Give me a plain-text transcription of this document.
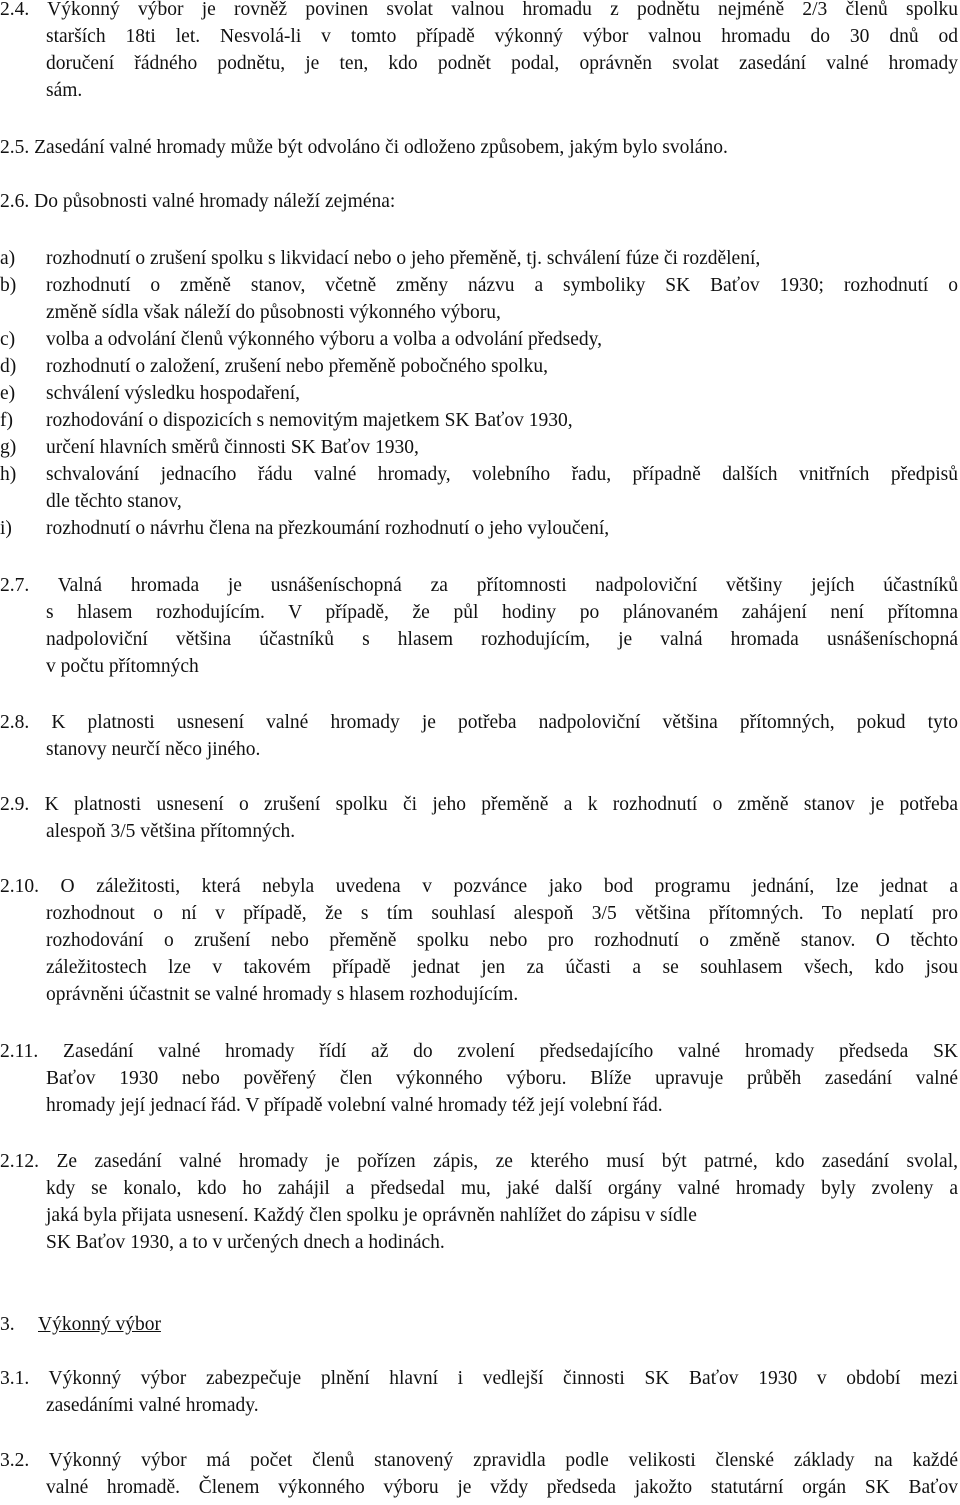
2.4. Výkonný výbor je rovněž povinen svolat valnou hromadu z podnětu nejméně 2/3 členů spolku
starších 18ti let. Nesvolá-li v tomto případě výkonný výbor valnou hromadu do 30 dnů od
doručení řádného podnětu, je ten, kdo podnět podal, oprávněn svolat zasedání valné hromady
sám.
2.5. Zasedání valné hromady může být odvoláno či odloženo způsobem, jakým bylo svoláno.
2.6. Do působnosti valné hromady náleží zejména:
a) rozhodnutí o zrušení spolku s likvidací nebo o jeho přeměně, tj. schválení fúze či rozdělení,
b) rozhodnutí o změně stanov, včetně změny názvu a symboliky SK Baťov 1930; rozhodnutí o
změně sídla však náleží do působnosti výkonného výboru,
c) volba a odvolání členů výkonného výboru a volba a odvolání předsedy,
d) rozhodnutí o založení, zrušení nebo přeměně pobočného spolku,
e) schválení výsledku hospodaření,
f) rozhodování o dispozicích s nemovitým majetkem SK Baťov 1930,
g) určení hlavních směrů činnosti SK Baťov 1930,
h) schvalování jednacího řádu valné hromady, volebního řadu, případně dalších vnitřních předpisů
dle těchto stanov,
i) rozhodnutí o návrhu člena na přezkoumání rozhodnutí o jeho vyloučení,
2.7. Valná hromada je usnášeníschopná za přítomnosti nadpoloviční většiny jejích účastníků
s hlasem rozhodujícím. V případě, že půl hodiny po plánovaném zahájení není přítomna
nadpoloviční většina účastníků s hlasem rozhodujícím, je valná hromada usnášeníschopná
v počtu přítomných
2.8. K platnosti usnesení valné hromady je potřeba nadpoloviční většina přítomných, pokud tyto
stanovy neurčí něco jiného.
2.9. K platnosti usnesení o zrušení spolku či jeho přeměně a k rozhodnutí o změně stanov je potřeba
alespoň 3/5 většina přítomných.
2.10. O záležitosti, která nebyla uvedena v pozvánce jako bod programu jednání, lze jednat a
rozhodnout o ní v případě, že s tím souhlasí alespoň 3/5 většina přítomných. To neplatí pro
rozhodování o zrušení nebo přeměně spolku nebo pro rozhodnutí o změně stanov. O těchto
záležitostech lze v takovém případě jednat jen za účasti a se souhlasem všech, kdo jsou
oprávněni účastnit se valné hromady s hlasem rozhodujícím.
2.11. Zasedání valné hromady řídí až do zvolení předsedajícího valné hromady předseda SK
Baťov 1930 nebo pověřený člen výkonného výboru. Blíže upravuje průběh zasedání valné
hromady její jednací řád. V případě volební valné hromady též její volební řád.
2.12. Ze zasedání valné hromady je pořízen zápis, ze kterého musí být patrné, kdo zasedání svolal,
kdy se konalo, kdo ho zahájil a předsedal mu, jaké další orgány valné hromady byly zvoleny a
jaká byla přijata usnesení. Každý člen spolku je oprávněn nahlížet do zápisu v sídle
SK Baťov 1930, a to v určených dnech a hodinách.
3. Výkonný výbor
3.1. Výkonný výbor zabezpečuje plnění hlavní i vedlejší činnosti SK Baťov 1930 v období mezi
zasedáními valné hromady.
3.2. Výkonný výbor má počet členů stanovený zpravidla podle velikosti členské základy na každé
valné hromadě. Členem výkonného výboru je vždy předseda jakožto statutární orgán SK Baťov
